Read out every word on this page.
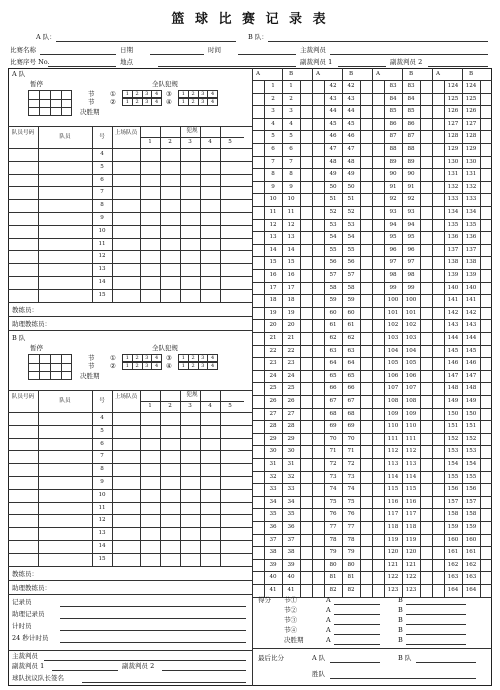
篮 球 比 赛 记 录 表
A 队：	B 队：
比赛名称	日期	时间	主裁判员
比赛序号 No.	地点	副裁判员 1	副裁判员 2
A 队
暂停	全队犯规
节
节
决胜期
①	1	2	3	4	③	1	2	3	4
②	1	2	3	4	④	1	2	3	4
队员号码
队员	号
上场队员	犯规
1	2	3	4	5
4
5
6
7
8
9
10
11
12
13
14
15
教练员：
助理教练员：
B 队
暂停	全队犯规
节
节
决胜期
①	1	2	3	4	③	1	2	3	4
②	1	2	3	4	④	1	2	3	4
队员号码
队员	号
上场队员	犯规
1	2	3	4	5
4
5
6
7
8
9
10
11
12
13
14
15
教练员：
助理教练员：
记录员
助理记录员
计时员
24 秒计时员
主裁判员
副裁判员 1	副裁判员 2
球队抗议队长签名
A	B
1	1
2	2
3	3
4	4
5	5
6	6
7	7
8	8
9	9
10	10
11	11
12	12
13	13
14	14
15	15
16	16
17	17
18	18
19	19
20	20
21	21
22	22
23	23
24	24
25	25
26	26
27	27
28	28
29	29
30	30
31	31
32	32
33	33
34	34
35	35
36	36
37	37
38	38
39	39
40	40
41	41
A	B
42	42
43	43
44	44
45	45
46	46
47	47
48	48
49	49
50	50
51	51
52	52
53	53
54	54
55	55
56	56
57	57
58	58
59	59
60	60
61	61
62	62
63	63
64	64
65	65
66	66
67	67
68	68
69	69
70	70
71	71
72	72
73	73
74	74
75	75
76	76
77	77
78	78
79	79
80	80
81	81
82	82
A	B
83	83
84	84
85	85
86	86
87	87
88	88
89	89
90	90
91	91
92	92
93	93
94	94
95	95
96	96
97	97
98	98
99	99
100	100
101	101
102	102
103	103
104	104
105	105
106	106
107	107
108	108
109	109
110	110
111	111
112	112
113	113
114	114
115	115
116	116
117	117
118	118
119	119
120	120
121	121
122	122
123	123
A	B
124	124
125	125
126	126
127	127
128	128
129	129
130	130
131	131
132	132
133	133
134	134
135	135
136	136
137	137
138	138
139	139
140	140
141	141
142	142
143	143
144	144
145	145
146	146
147	147
148	148
149	149
150	150
151	151
152	152
153	153
154	154
155	155
156	156
157	157
158	158
159	159
160	160
161	161
162	162
163	163
164	164
得分 节①	A	B
节②	A	B
节③	A	B
节④	A	B
决胜期	A	B
最后比分	A 队	B 队
胜队
